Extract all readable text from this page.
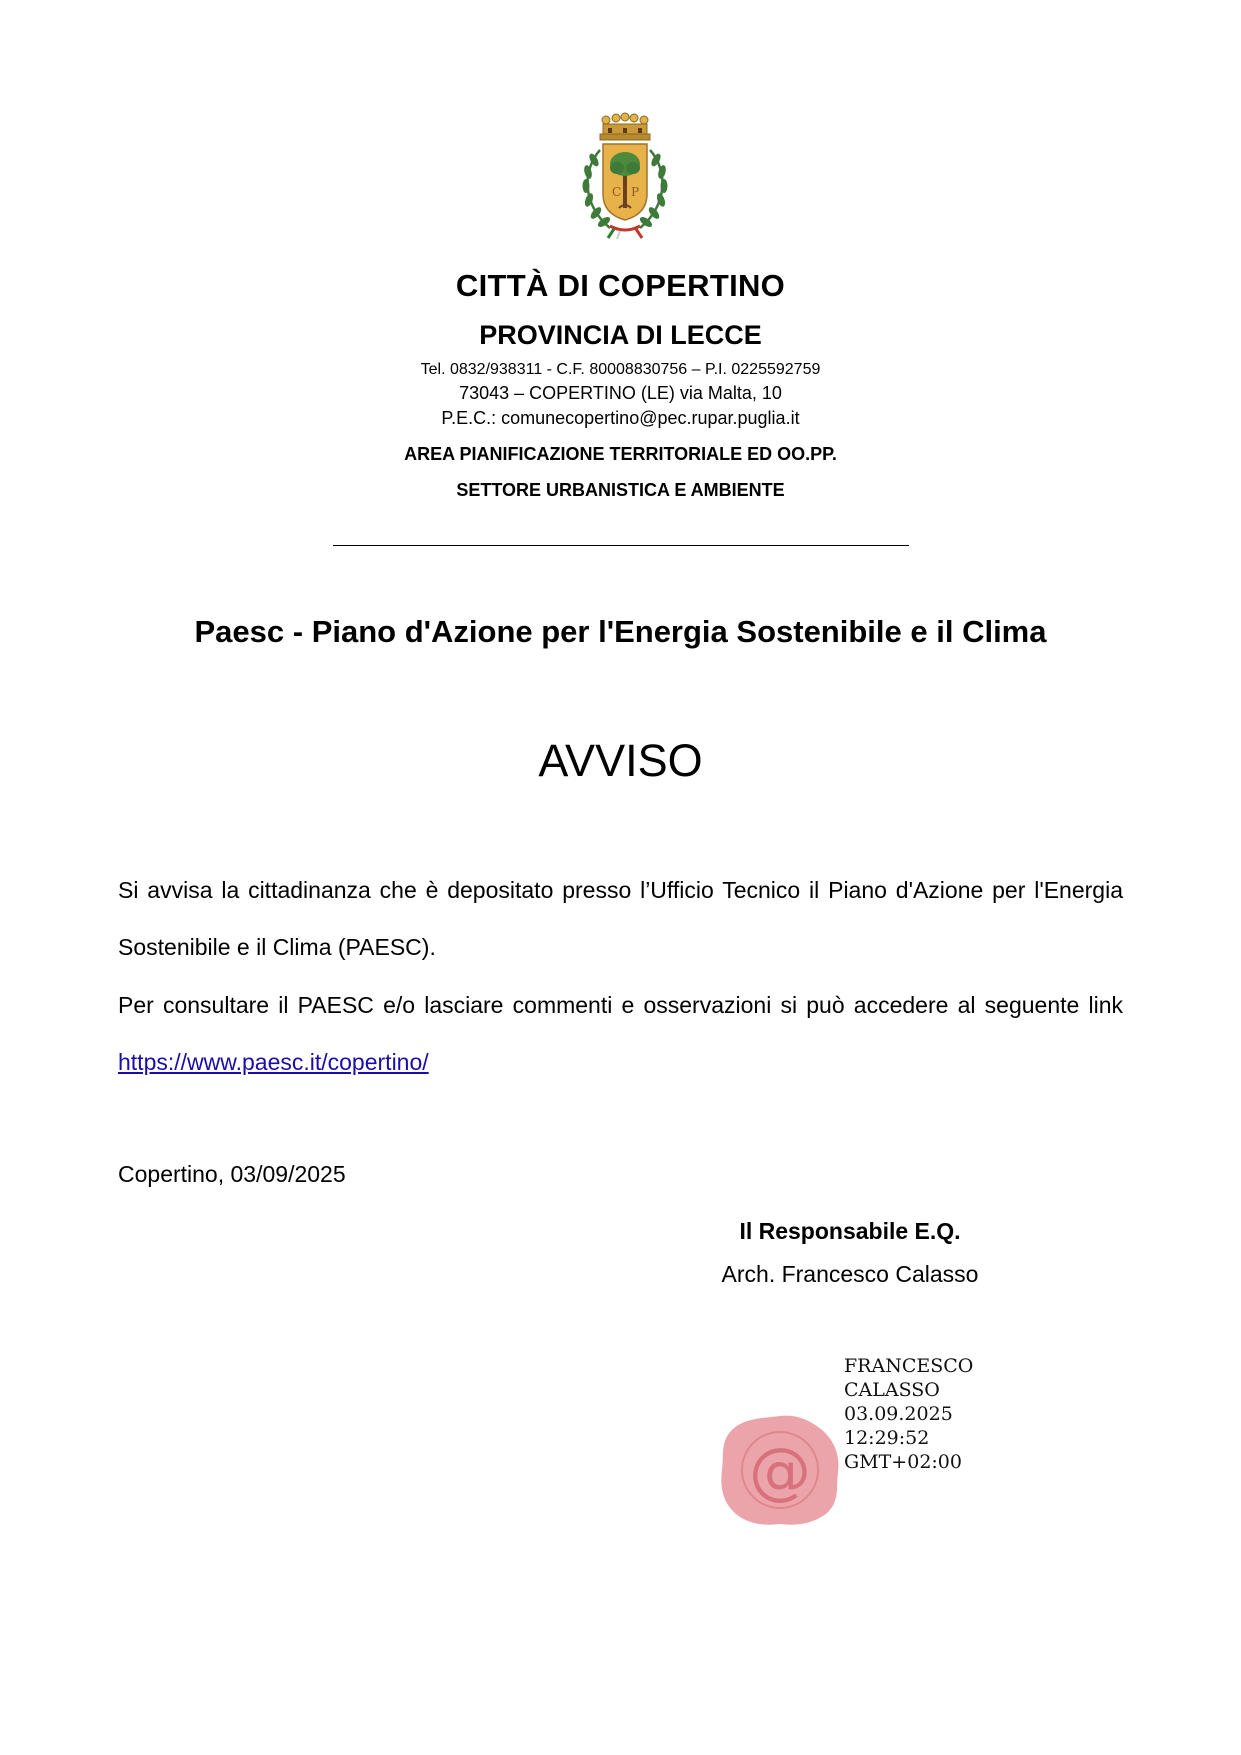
C P
CITTÀ DI COPERTINO
PROVINCIA DI LECCE
Tel. 0832/938311 - C.F. 80008830756 – P.I. 0225592759
73043 – COPERTINO (LE) via Malta, 10
P.E.C.: comunecopertino@pec.rupar.puglia.it
AREA PIANIFICAZIONE TERRITORIALE ED OO.PP.
SETTORE URBANISTICA E AMBIENTE
Paesc - Piano d'Azione per l'Energia Sostenibile e il Clima
AVVISO
Si avvisa la cittadinanza che è depositato presso l’Ufficio Tecnico il Piano d'Azione per l'Energia Sostenibile e il Clima (PAESC).
Per consultare il PAESC e/o lasciare commenti e osservazioni si può accedere al seguente link https://www.paesc.it/copertino/
Copertino, 03/09/2025
Il Responsabile E.Q.
Arch. Francesco Calasso
@
FRANCESCO
CALASSO
03.09.2025
12:29:52
GMT+02:00
